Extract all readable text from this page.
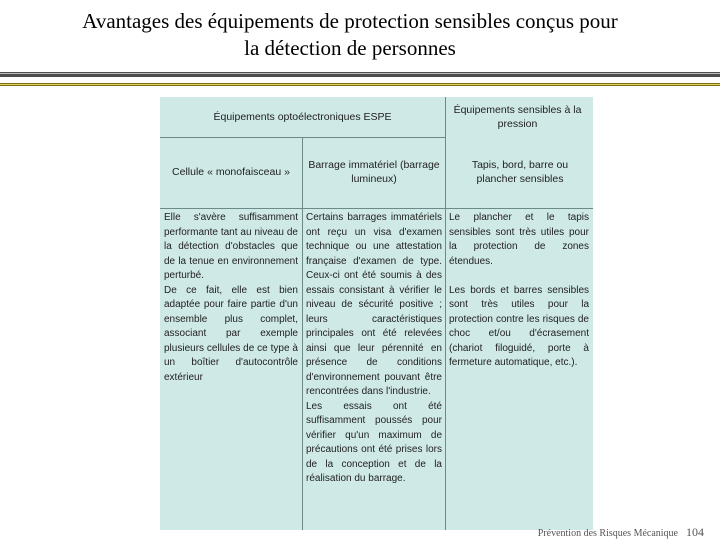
Avantages des équipements de protection sensibles conçus pour
la détection de personnes
Équipements optoélectroniques ESPE
Équipements sensibles à la pression
Cellule « monofaisceau »
Barrage immatériel (barrage lumineux)
Tapis, bord, barre ou plancher sensibles
Elle s'avère suffisamment performante tant au niveau de la détection d'obstacles que de la tenue en environnement perturbé.
De ce fait, elle est bien adaptée pour faire partie d'un ensemble plus complet, associant par exemple plusieurs cellules de ce type à un boîtier d'autocontrôle extérieur
Certains barrages immatériels ont reçu un visa d'examen technique ou une attestation française d'examen de type. Ceux-ci ont été soumis à des essais consistant à vérifier le niveau de sécurité positive ; leurs caractéristiques principales ont été relevées ainsi que leur pérennité en présence de conditions d'environnement pouvant être rencontrées dans l'industrie.
Les essais ont été suffisamment poussés pour vérifier qu'un maximum de précautions ont été prises lors de la conception et de la réalisation du barrage.
Le plancher et le tapis sensibles sont très utiles pour la protection de zones étendues.

Les bords et barres sensibles sont très utiles pour la protection contre les risques de choc et/ou d'écrasement (chariot filoguidé, porte à fermeture automatique, etc.).
Prévention des Risques Mécanique 104
